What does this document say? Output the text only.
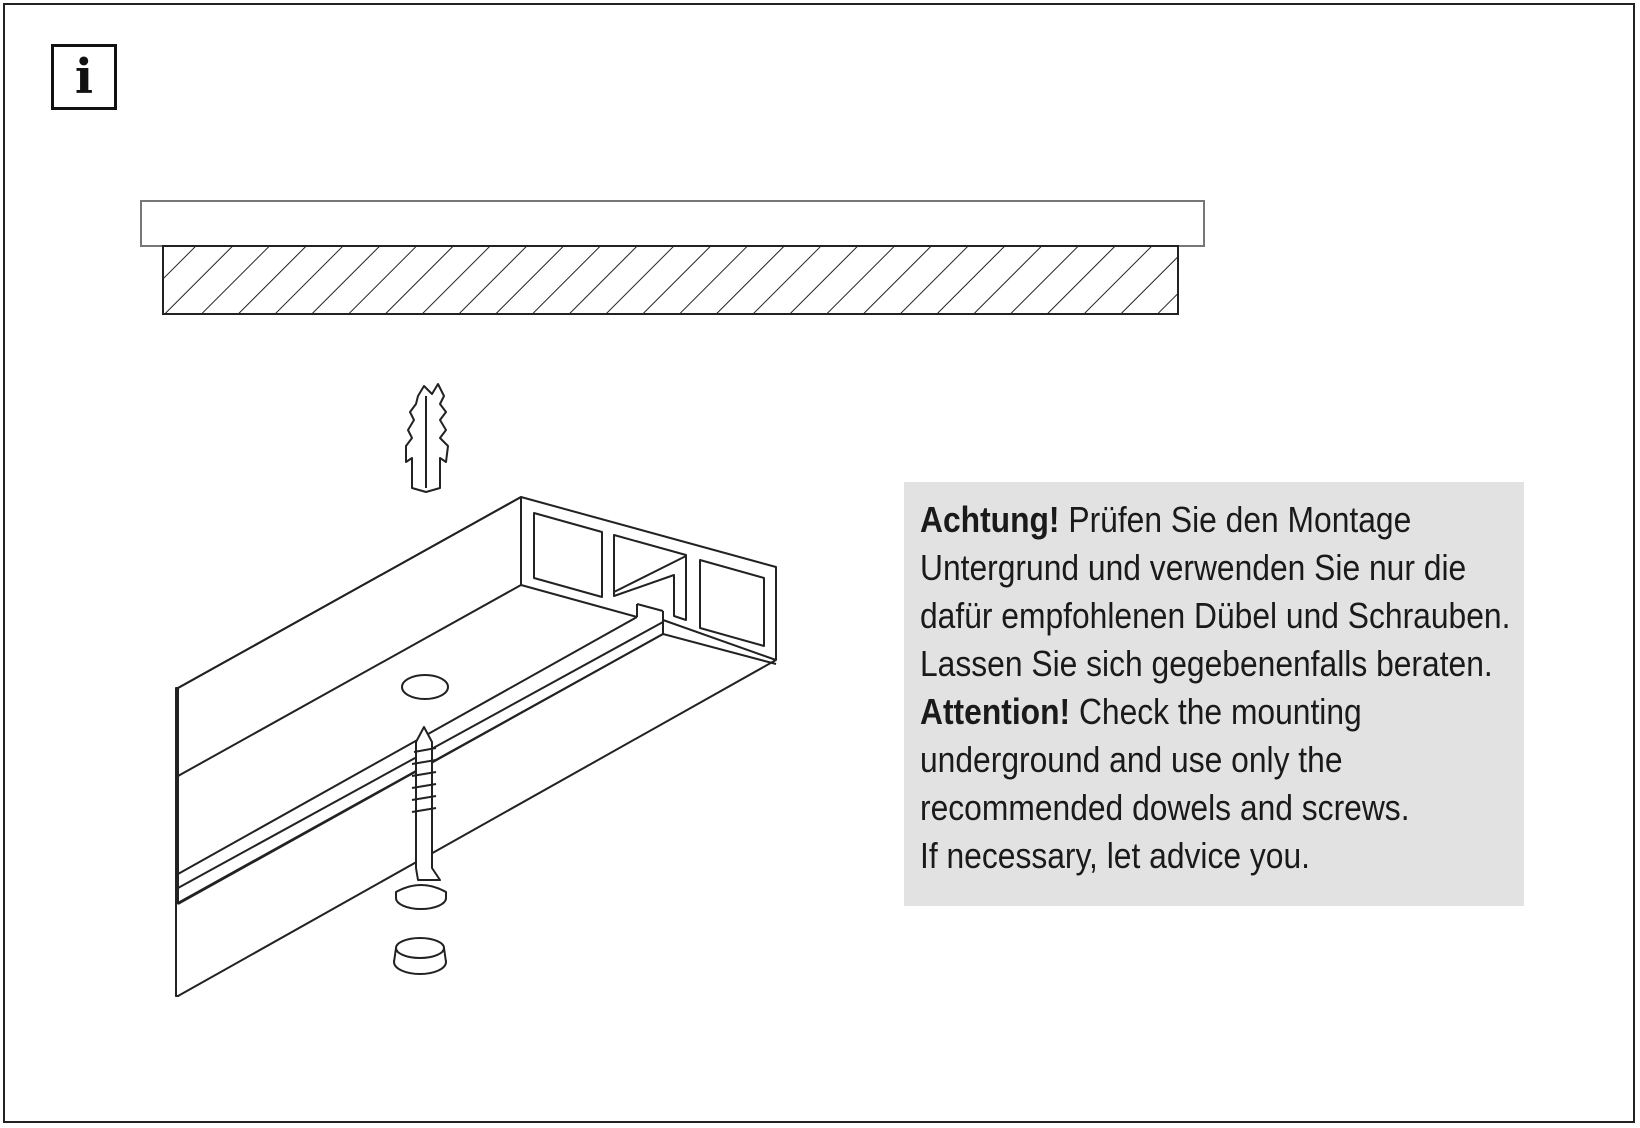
i
Achtung! Prüfen Sie den Montage
Untergrund und verwenden Sie nur die
dafür empfohlenen Dübel und Schrauben.
Lassen Sie sich gegebenenfalls beraten.
Attention! Check the mounting
underground and use only the
recommended dowels and screws.
If necessary, let advice you.
